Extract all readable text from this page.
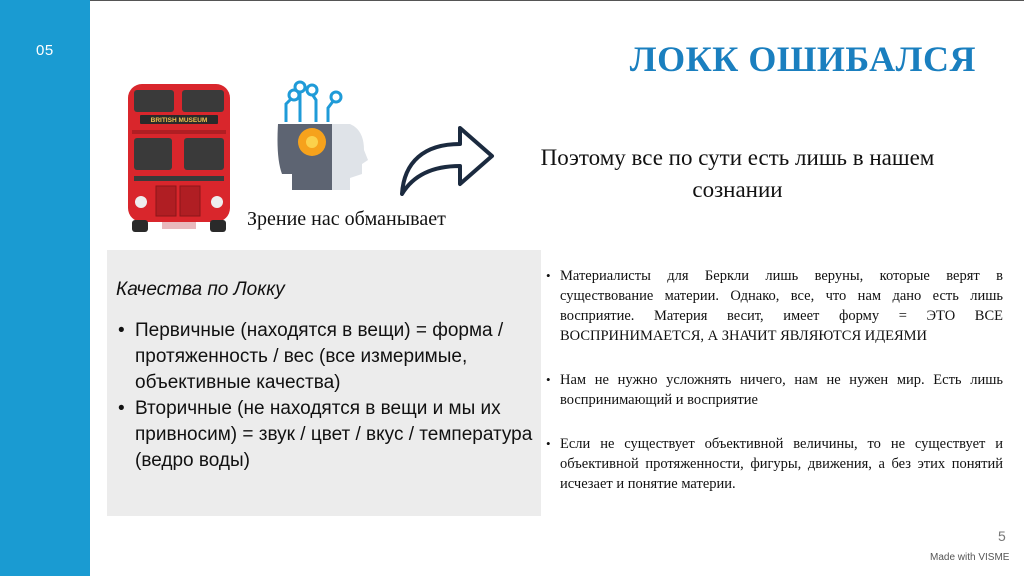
05	ЛОКК ОШИБАЛСЯ
BRITISH MUSEUM
Зрение нас обманывает
Поэтому все по сути есть лишь в нашем сознании
Качества по Локку
• Первичные (находятся в вещи) = форма / протяженность / вес (все измеримые, объективные качества)
• Вторичные (не находятся в вещи и мы их привносим) = звук / цвет / вкус / температура (ведро воды)
• Материалисты для Беркли лишь веруны, которые верят в существование материи. Однако, все, что нам дано есть лишь восприятие. Материя весит, имеет форму = ЭТО ВСЕ ВОСПРИНИМАЕТСЯ, А ЗНАЧИТ ЯВЛЯЮТСЯ ИДЕЯМИ
• Нам не нужно усложнять ничего, нам не нужен мир. Есть лишь воспринимающий и восприятие
• Если не существует объективной величины, то не существует и объективной протяженности, фигуры, движения, а без этих понятий исчезает и понятие материи.
5
Made with VISME
